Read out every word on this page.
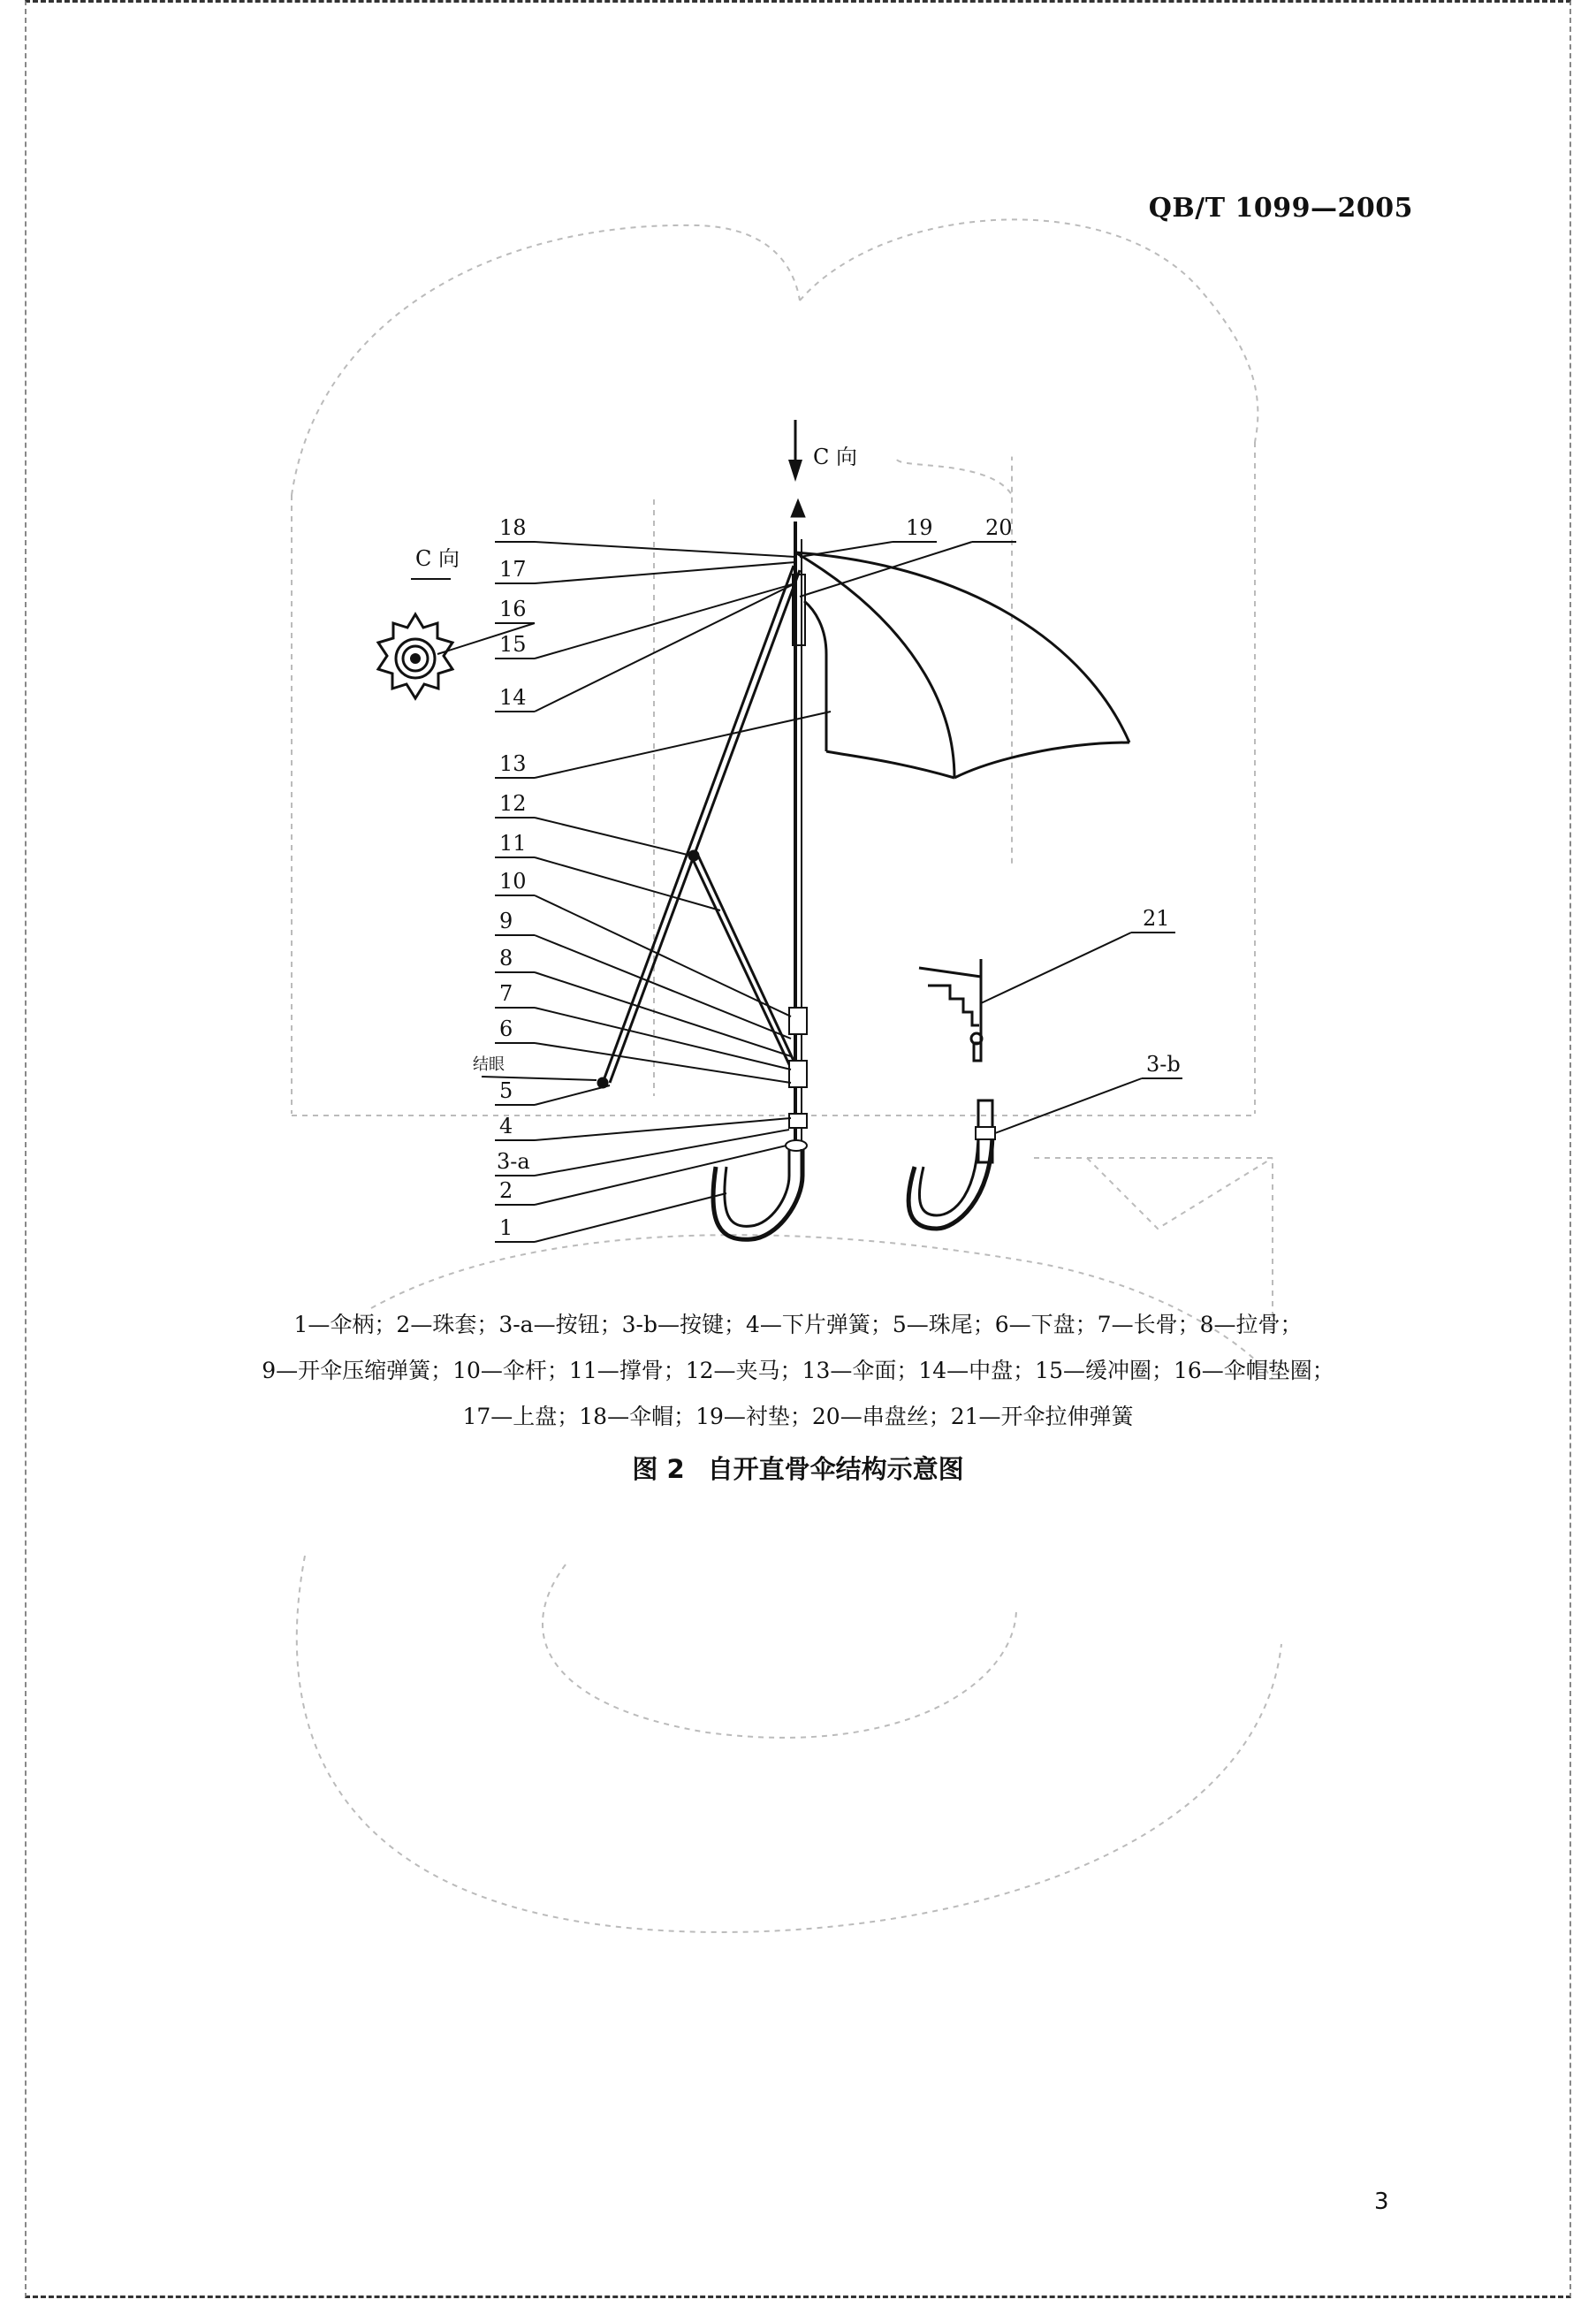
QB/T 1099—2005
C 向
C 向
18
17
16
15
14
13
12
11
10
9
8
7
6
结眼
5
4
3-a
2
1
19 20
21
3-b
1—伞柄；2—珠套；3-a—按钮；3-b—按键；4—下片弹簧；5—珠尾；6—下盘；7—长骨；8—拉骨；
9—开伞压缩弹簧；10—伞杆；11—撑骨；12—夹马；13—伞面；14—中盘；15—缓冲圈；16—伞帽垫圈；
17—上盘；18—伞帽；19—衬垫；20—串盘丝；21—开伞拉伸弹簧
图 2 自开直骨伞结构示意图
3
